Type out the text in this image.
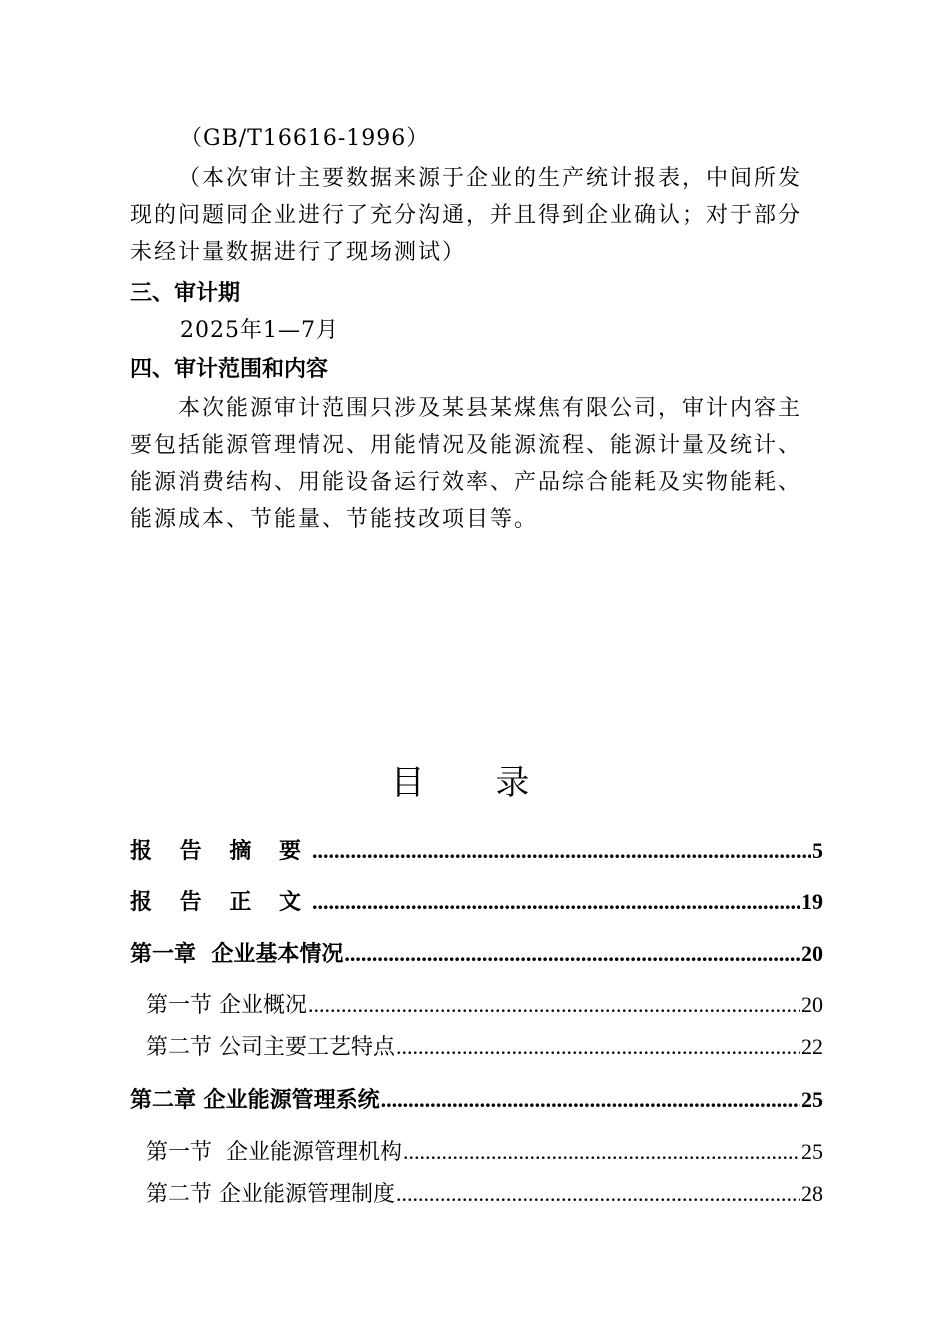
（GB/T16616-1996）
（本次审计主要数据来源于企业的生产统计报表，中间所发现的问题同企业进行了充分沟通，并且得到企业确认；对于部分未经计量数据进行了现场测试）
三、审计期
2025年1—7月
四、审计范围和内容
本次能源审计范围只涉及某县某煤焦有限公司，审计内容主要包括能源管理情况、用能情况及能源流程、能源计量及统计、能源消费结构、用能设备运行效率、产品综合能耗及实物能耗、能源成本、节能量、节能技改项目等。
目 录
报 告 摘 要 .....	5
报 告 正 文 .....	19
第一章  企业基本情况 .....	20
第一节 企业概况 .....	20
第二节 公司主要工艺特点 .....	22
第二章 企业能源管理系统 .....	25
第一节  企业能源管理机构 .....	25
第二节 企业能源管理制度 .....	28
